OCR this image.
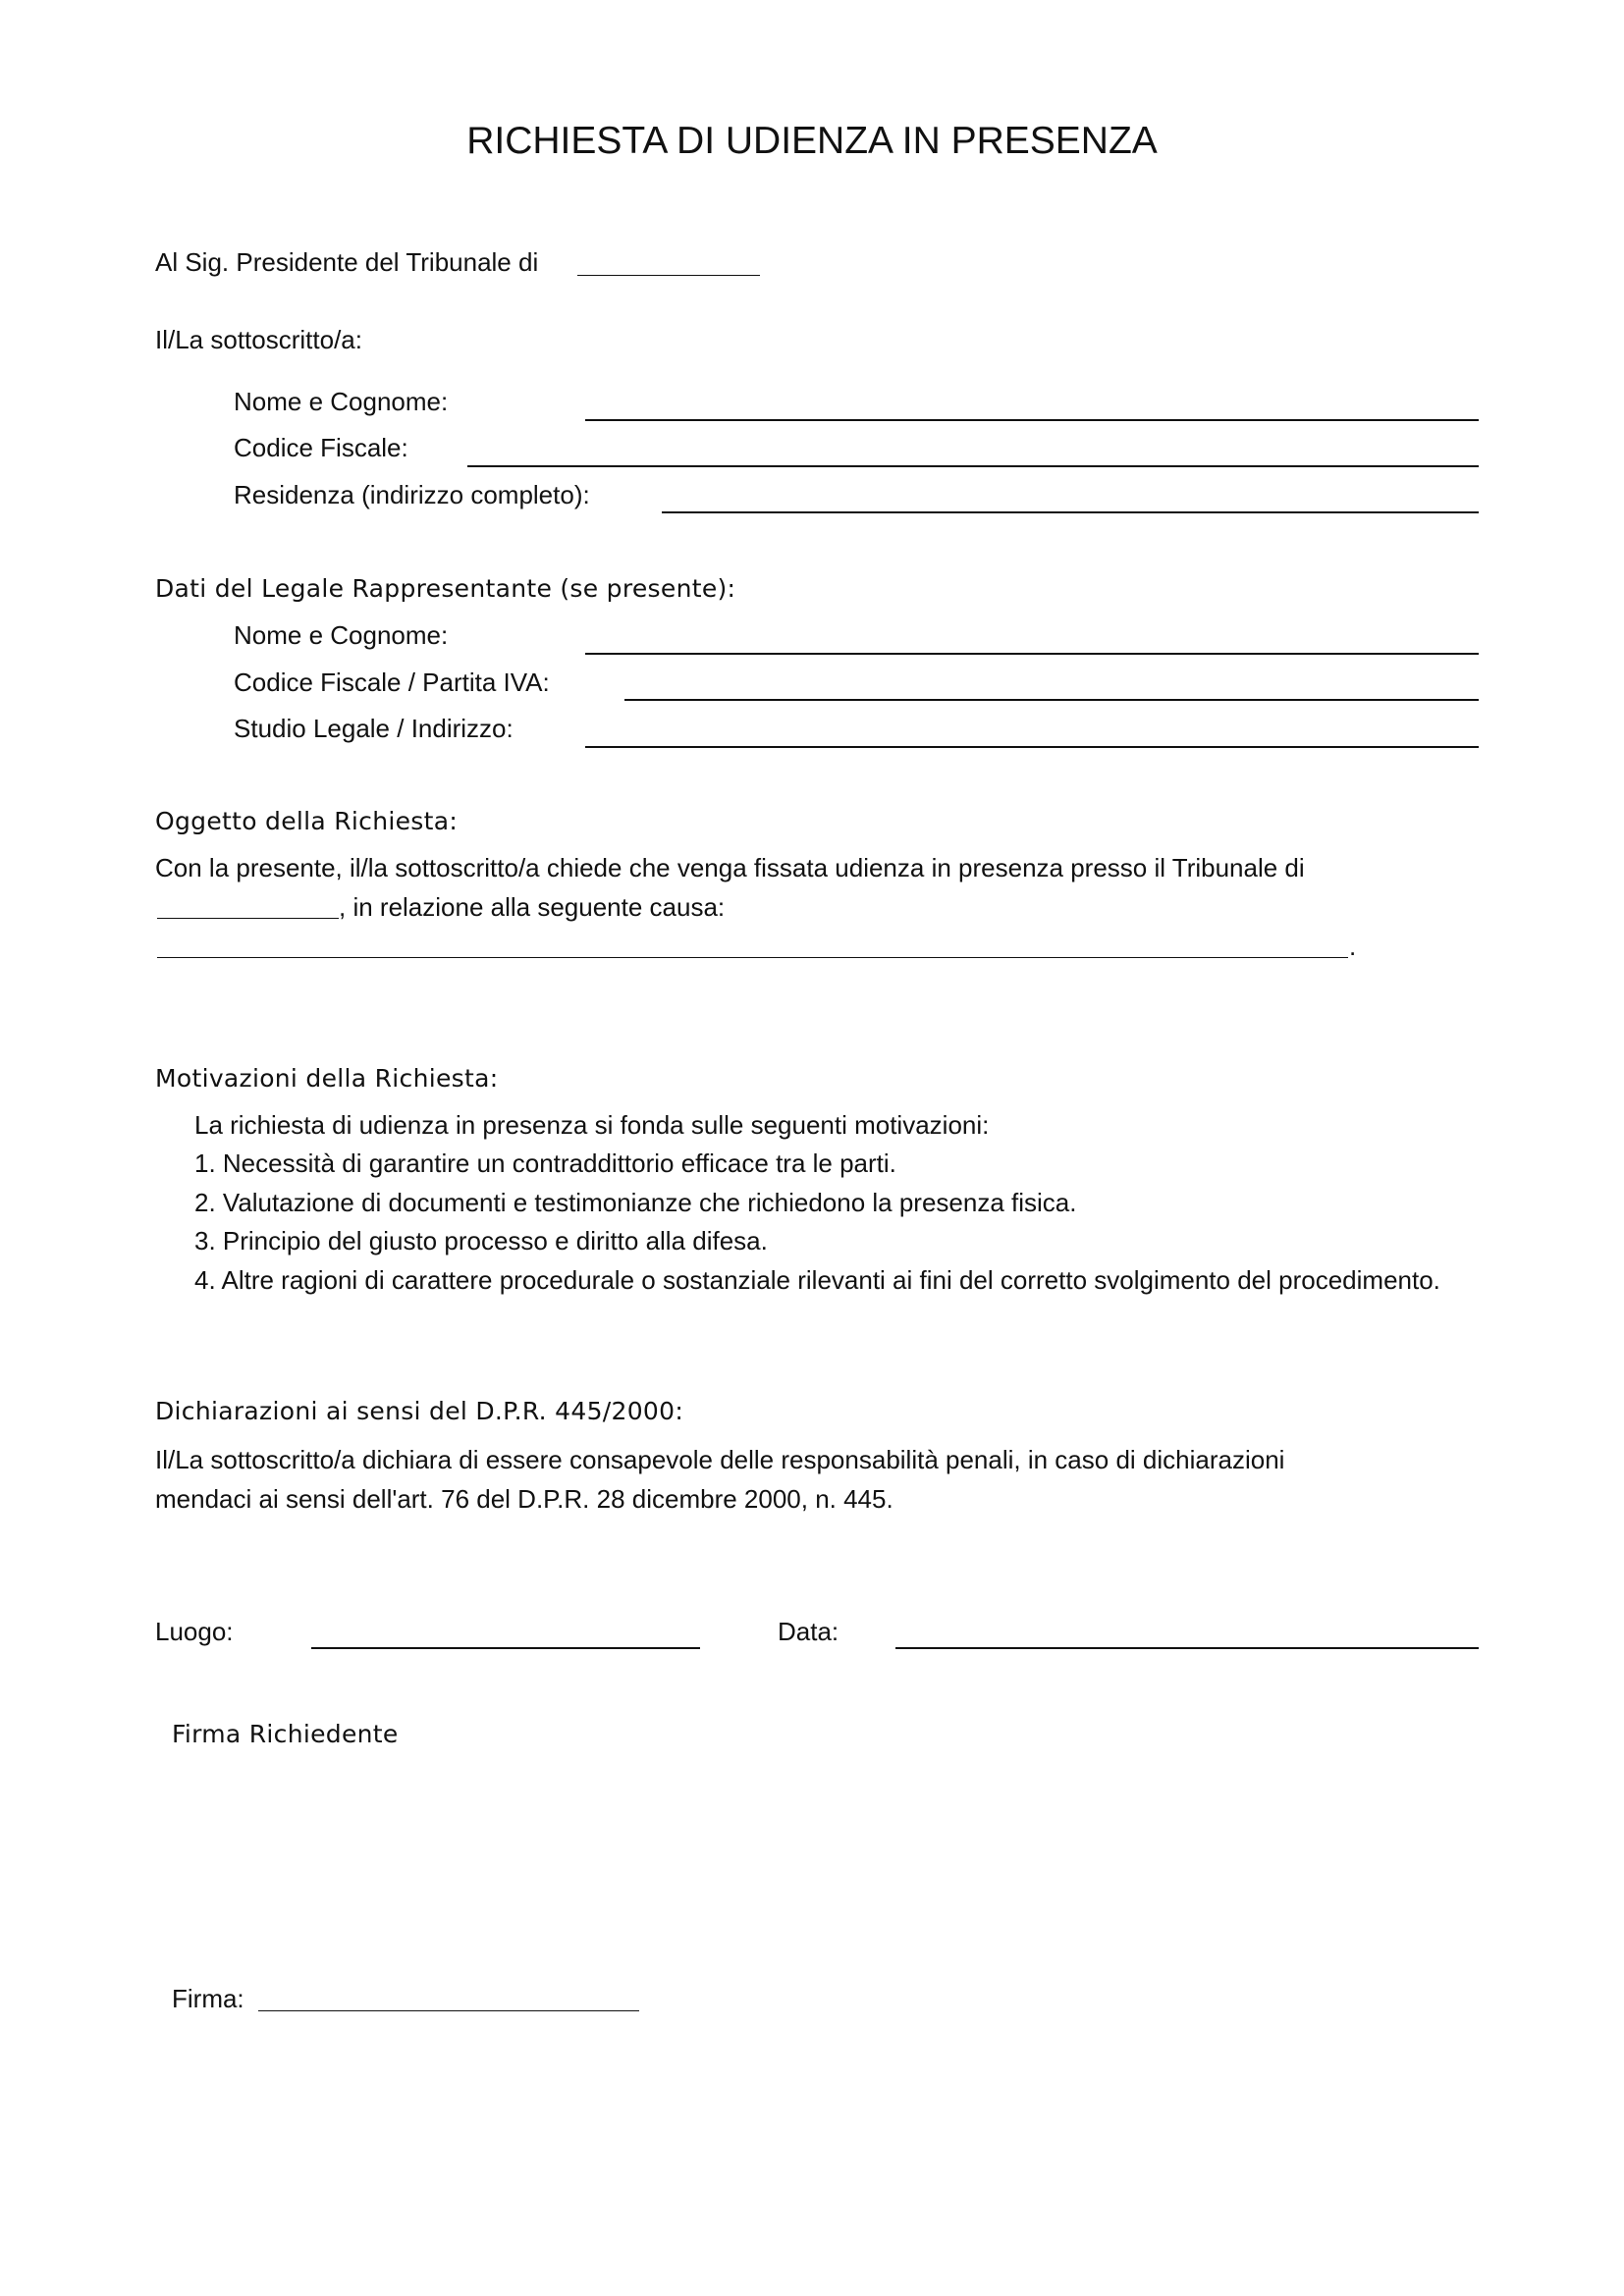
RICHIESTA DI UDIENZA IN PRESENZA
Al Sig. Presidente del Tribunale di
Il/La sottoscritto/a:
Nome e Cognome:
Codice Fiscale:
Residenza (indirizzo completo):
Dati del Legale Rappresentante (se presente):
Nome e Cognome:
Codice Fiscale / Partita IVA:
Studio Legale / Indirizzo:
Oggetto della Richiesta:
Con la presente, il/la sottoscritto/a chiede che venga fissata udienza in presenza presso il Tribunale di
, in relazione alla seguente causa:
.
Motivazioni della Richiesta:
La richiesta di udienza in presenza si fonda sulle seguenti motivazioni:
1. Necessità di garantire un contraddittorio efficace tra le parti.
2. Valutazione di documenti e testimonianze che richiedono la presenza fisica.
3. Principio del giusto processo e diritto alla difesa.
4. Altre ragioni di carattere procedurale o sostanziale rilevanti ai fini del corretto svolgimento del procedimento.
Dichiarazioni ai sensi del D.P.R. 445/2000:
Il/La sottoscritto/a dichiara di essere consapevole delle responsabilità penali, in caso di dichiarazioni
mendaci ai sensi dell'art. 76 del D.P.R. 28 dicembre 2000, n. 445.
Luogo:	Data:
Firma Richiedente
Firma:
